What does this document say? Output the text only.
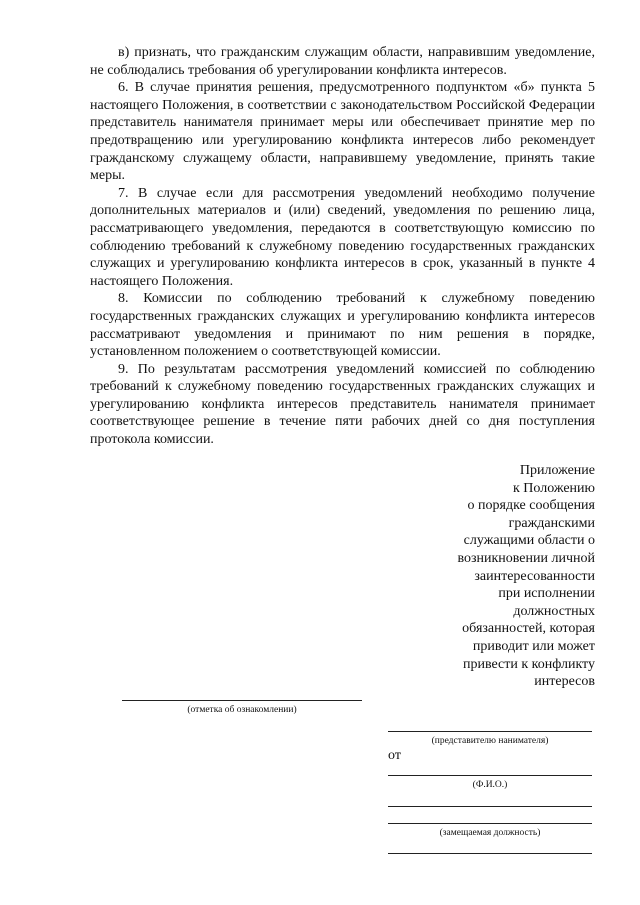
в) признать, что гражданским служащим области, направившим уведомление, не соблюдались требования об урегулировании конфликта интересов.

6. В случае принятия решения, предусмотренного подпунктом «б» пункта 5 настоящего Положения, в соответствии с законодательством Российской Федерации представитель нанимателя принимает меры или обеспечивает принятие мер по предотвращению или урегулированию конфликта интересов либо рекомендует гражданскому служащему области, направившему уведомление, принять такие меры.

7. В случае если для рассмотрения уведомлений необходимо получение дополнительных материалов и (или) сведений, уведомления по решению лица, рассматривающего уведомления, передаются в соответствующую комиссию по соблюдению требований к служебному поведению государственных гражданских служащих и урегулированию конфликта интересов в срок, указанный в пункте 4 настоящего Положения.

8. Комиссии по соблюдению требований к служебному поведению государственных гражданских служащих и урегулированию конфликта интересов рассматривают уведомления и принимают по ним решения в порядке, установленном положением о соответствующей комиссии.

9. По результатам рассмотрения уведомлений комиссией по соблюдению требований к служебному поведению государственных гражданских служащих и урегулированию конфликта интересов представитель нанимателя принимает соответствующее решение в течение пяти рабочих дней со дня поступления протокола комиссии.

Приложение
к Положению
о порядке сообщения
гражданскими
служащими области о
возникновении личной
заинтересованности
при исполнении
должностных
обязанностей, которая
приводит или может
привести к конфликту
интересов
(отметка об ознакомлении)
(представителю нанимателя)
от
(Ф.И.О.)
(замещаемая должность)
